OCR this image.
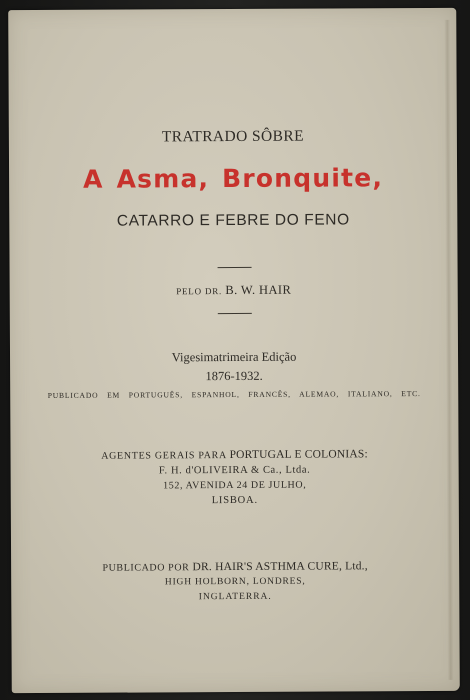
TRATRADO SÔBRE
A Asma, Bronquite,
CATARRO E FEBRE DO FENO
PELO DR. B. W. HAIR
Vigesimatrimeira Edição
1876-1932.
PUBLICADO EM PORTUGUÊS, ESPANHOL, FRANCÊS, ALEMAO, ITALIANO, ETC.
AGENTES GERAIS PARA PORTUGAL E COLONIAS:
F. H. d'OLIVEIRA & Ca., Ltda.
152, AVENIDA 24 DE JULHO,
LISBOA.
PUBLICADO POR DR. HAIR'S ASTHMA CURE, Ltd.,
HIGH HOLBORN, LONDRES,
INGLATERRA.
